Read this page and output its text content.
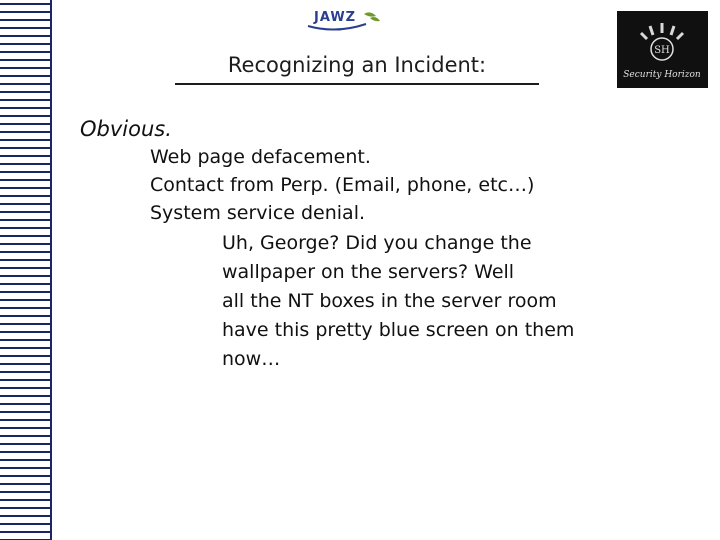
JAWZ
SH
Security Horizon
Recognizing an Incident:
Obvious.
Web page defacement.
Contact from Perp. (Email, phone, etc…)
System service denial.
Uh, George? Did you change the
wallpaper on the servers? Well
all the NT boxes in the server room
have this pretty blue screen on them
now…
